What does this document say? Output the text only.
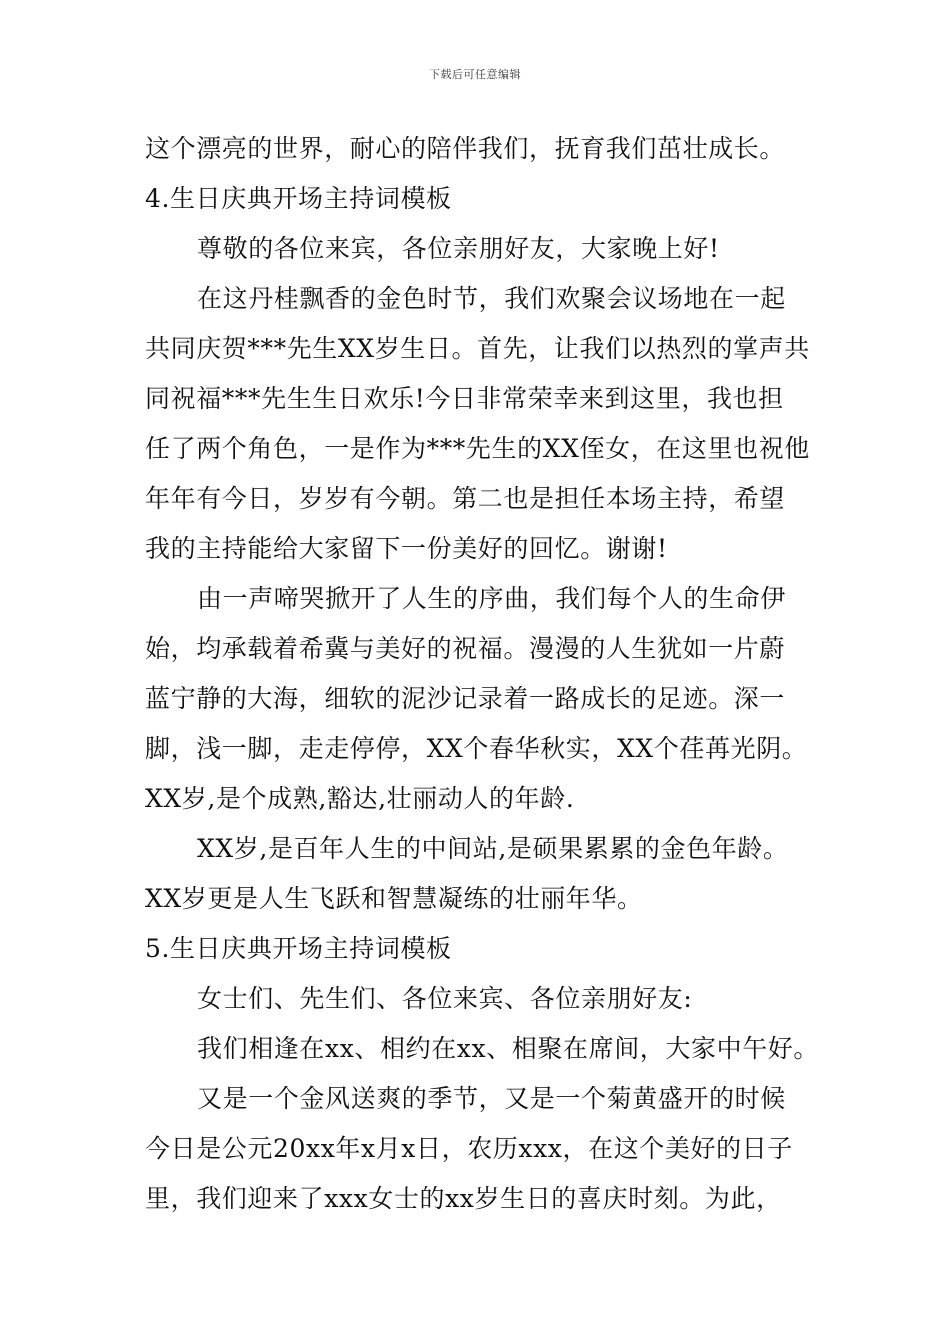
下载后可任意编辑
这个漂亮的世界，耐心的陪伴我们，抚育我们茁壮成长。
4.生日庆典开场主持词模板
尊敬的各位来宾，各位亲朋好友，大家晚上好!
在这丹桂飘香的金色时节，我们欢聚会议场地在一起
共同庆贺***先生XX岁生日。首先，让我们以热烈的掌声共
同祝福***先生生日欢乐!今日非常荣幸来到这里，我也担
任了两个角色，一是作为***先生的XX侄女，在这里也祝他
年年有今日，岁岁有今朝。第二也是担任本场主持，希望
我的主持能给大家留下一份美好的回忆。谢谢!
由一声啼哭掀开了人生的序曲，我们每个人的生命伊
始，均承载着希冀与美好的祝福。漫漫的人生犹如一片蔚
蓝宁静的大海，细软的泥沙记录着一路成长的足迹。深一
脚，浅一脚，走走停停，XX个春华秋实，XX个荏苒光阴。
XX岁,是个成熟,豁达,壮丽动人的年龄.
XX岁,是百年人生的中间站,是硕果累累的金色年龄。
XX岁更是人生飞跃和智慧凝练的壮丽年华。
5.生日庆典开场主持词模板
女士们、先生们、各位来宾、各位亲朋好友:
我们相逢在xx、相约在xx、相聚在席间，大家中午好。
又是一个金风送爽的季节，又是一个菊黄盛开的时候
今日是公元20xx年x月x日，农历xxx，在这个美好的日子
里，我们迎来了xxx女士的xx岁生日的喜庆时刻。为此，
